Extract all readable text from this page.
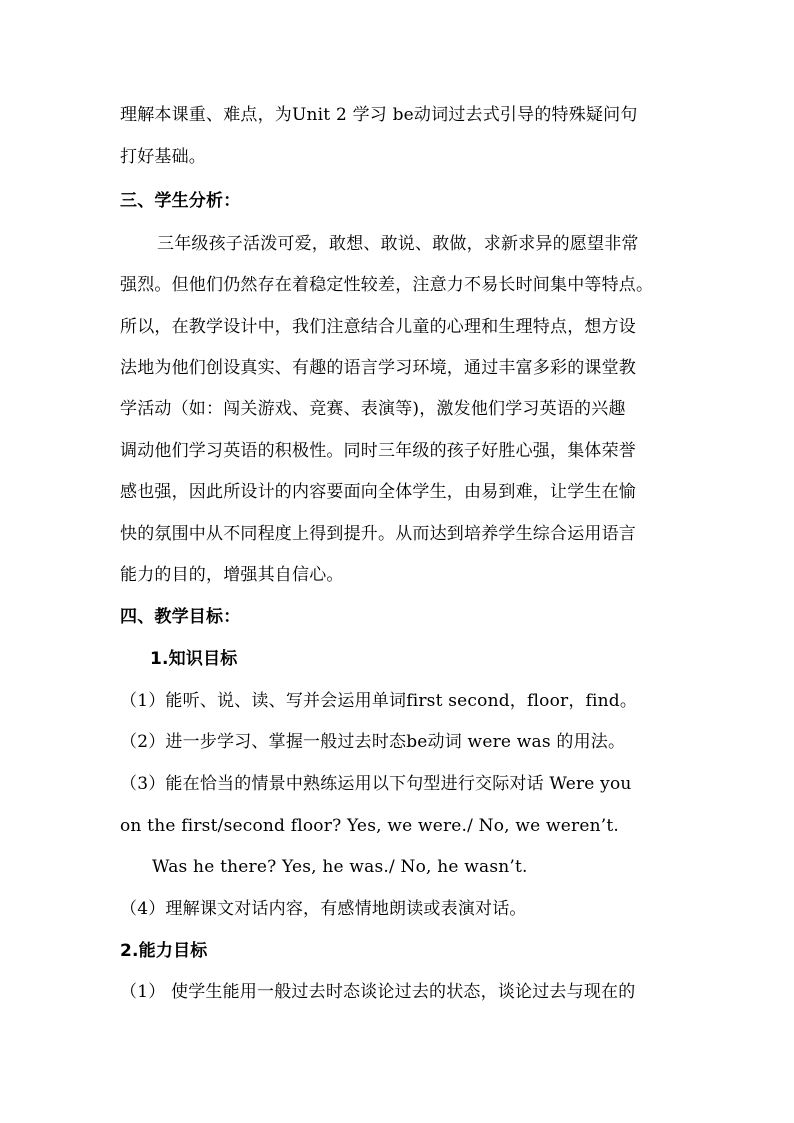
理解本课重、难点，为Unit 2 学习 be动词过去式引导的特殊疑问句
打好基础。
三、学生分析：
三年级孩子活泼可爱，敢想、敢说、敢做，求新求异的愿望非常
强烈。但他们仍然存在着稳定性较差，注意力不易长时间集中等特点。
所以，在教学设计中，我们注意结合儿童的心理和生理特点，想方设
法地为他们创设真实、有趣的语言学习环境，通过丰富多彩的课堂教
学活动（如：闯关游戏、竞赛、表演等)，激发他们学习英语的兴趣
调动他们学习英语的积极性。同时三年级的孩子好胜心强，集体荣誉
感也强，因此所设计的内容要面向全体学生，由易到难，让学生在愉
快的氛围中从不同程度上得到提升。从而达到培养学生综合运用语言
能力的目的，增强其自信心。
四、教学目标：
1.知识目标
（1）能听、说、读、写并会运用单词first second，floor，find。
（2）进一步学习、掌握一般过去时态be动词 were was 的用法。
（3）能在恰当的情景中熟练运用以下句型进行交际对话 Were you
on the first/second floor? Yes, we were./ No, we weren’t.
Was he there? Yes, he was./ No, he wasn’t.
（4）理解课文对话内容，有感情地朗读或表演对话。
2.能力目标
（1） 使学生能用一般过去时态谈论过去的状态，谈论过去与现在的
